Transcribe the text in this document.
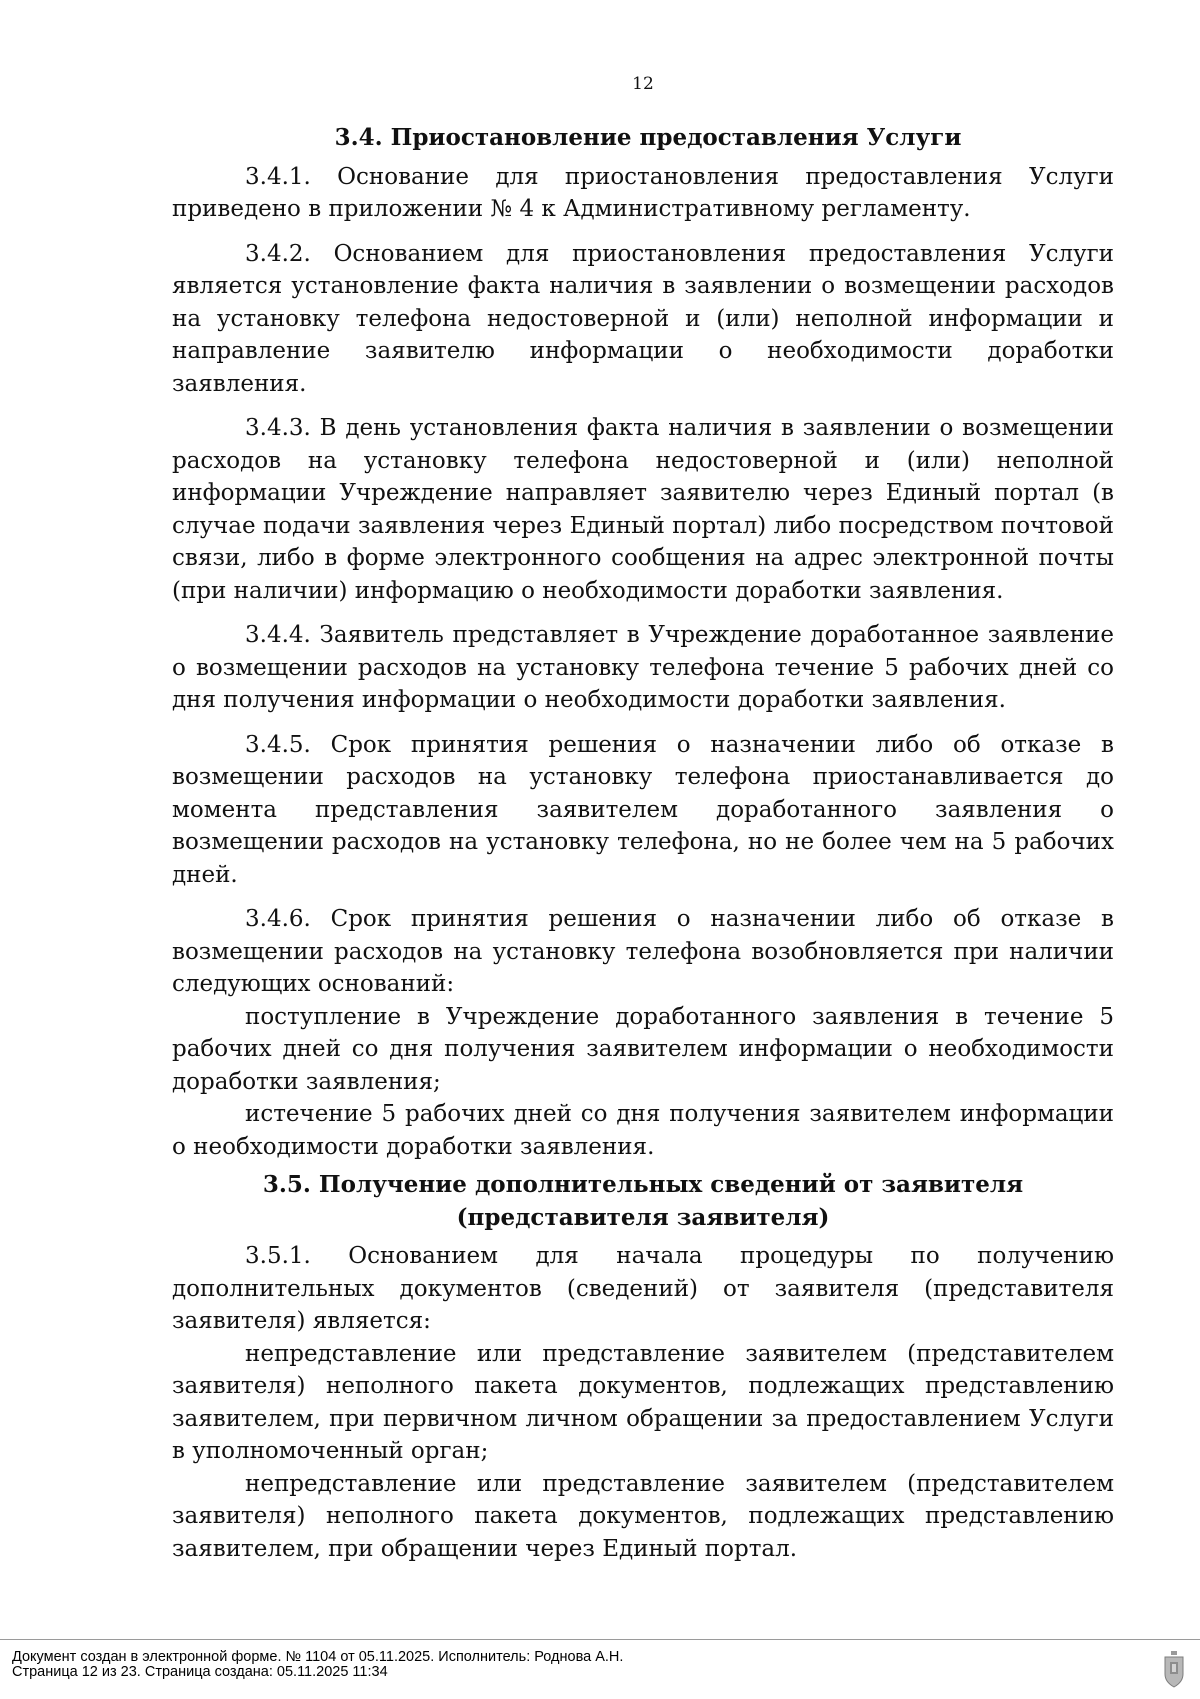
12
3.4. Приостановление предоставления Услуги

3.4.1. Основание для приостановления предоставления Услуги приведено в приложении № 4 к Административному регламенту.

3.4.2. Основанием для приостановления предоставления Услуги является установление факта наличия в заявлении о возмещении расходов на установку телефона недостоверной и (или) неполной информации и направление заявителю информации о необходимости доработки заявления.

3.4.3. В день установления факта наличия в заявлении о возмещении расходов на установку телефона недостоверной и (или) неполной информации Учреждение направляет заявителю через Единый портал (в случае подачи заявления через Единый портал) либо посредством почтовой связи, либо в форме электронного сообщения на адрес электронной почты (при наличии) информацию о необходимости доработки заявления.

3.4.4. Заявитель представляет в Учреждение доработанное заявление о возмещении расходов на установку телефона течение 5 рабочих дней со дня получения информации о необходимости доработки заявления.

3.4.5. Срок принятия решения о назначении либо об отказе в возмещении расходов на установку телефона приостанавливается до момента представления заявителем доработанного заявления о возмещении расходов на установку телефона, но не более чем на 5 рабочих дней.

3.4.6. Срок принятия решения о назначении либо об отказе в возмещении расходов на установку телефона возобновляется при наличии следующих оснований:

поступление в Учреждение доработанного заявления в течение 5 рабочих дней со дня получения заявителем информации о необходимости доработки заявления;

истечение 5 рабочих дней со дня получения заявителем информации о необходимости доработки заявления.

3.5. Получение дополнительных сведений от заявителя (представителя заявителя)

3.5.1. Основанием для начала процедуры по получению дополнительных документов (сведений) от заявителя (представителя заявителя) является:

непредставление или представление заявителем (представителем заявителя) неполного пакета документов, подлежащих представлению заявителем, при первичном личном обращении за предоставлением Услуги в уполномоченный орган;

непредставление или представление заявителем (представителем заявителя) неполного пакета документов, подлежащих представлению заявителем, при обращении через Единый портал.

Документ создан в электронной форме. № 1104 от 05.11.2025. Исполнитель: Роднова А.Н.
Страница 12 из 23. Страница создана: 05.11.2025 11:34
